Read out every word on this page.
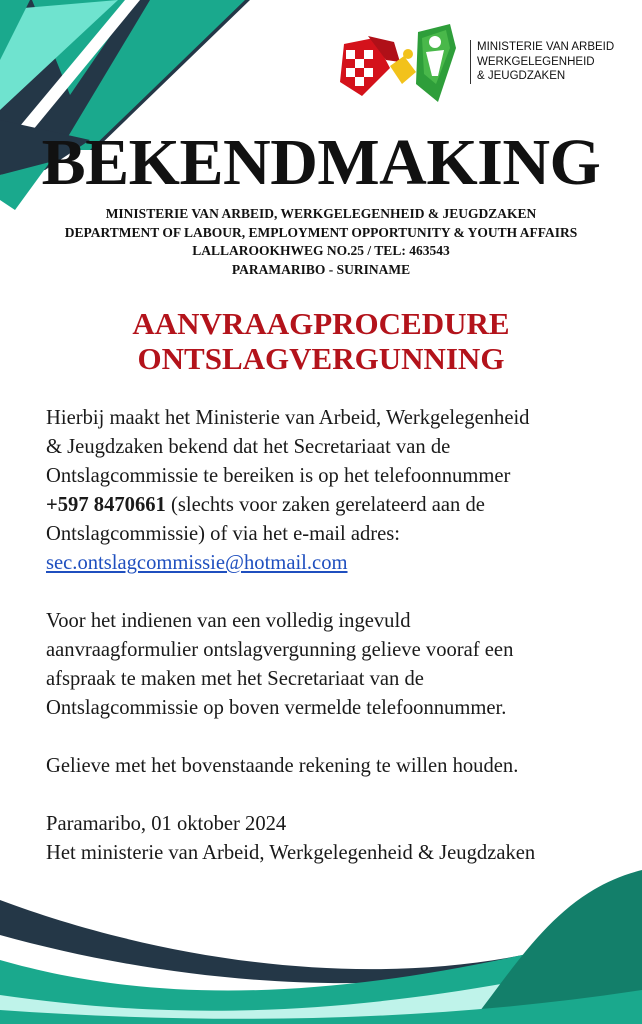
MINISTERIE VAN ARBEID
WERKGELEGENHEID
& JEUGDZAKEN
BEKENDMAKING
MINISTERIE VAN ARBEID, WERKGELEGENHEID & JEUGDZAKEN
DEPARTMENT OF LABOUR, EMPLOYMENT OPPORTUNITY & YOUTH AFFAIRS
LALLAROOKHWEG NO.25 / TEL: 463543
PARAMARIBO - SURINAME
AANVRAAGPROCEDURE
ONTSLAGVERGUNNING

Hierbij maakt het Ministerie van Arbeid, Werkgelegenheid
& Jeugdzaken bekend dat het Secretariaat van de
Ontslagcommissie te bereiken is op het telefoonnummer
+597 8470661 (slechts voor zaken gerelateerd aan de
Ontslagcommissie) of via het e-mail adres:
sec.ontslagcommissie@hotmail.com

Voor het indienen van een volledig ingevuld
aanvraagformulier ontslagvergunning gelieve vooraf een
afspraak te maken met het Secretariaat van de
Ontslagcommissie op boven vermelde telefoonnummer.

Gelieve met het bovenstaande rekening te willen houden.

Paramaribo, 01 oktober 2024
Het ministerie van Arbeid, Werkgelegenheid & Jeugdzaken
